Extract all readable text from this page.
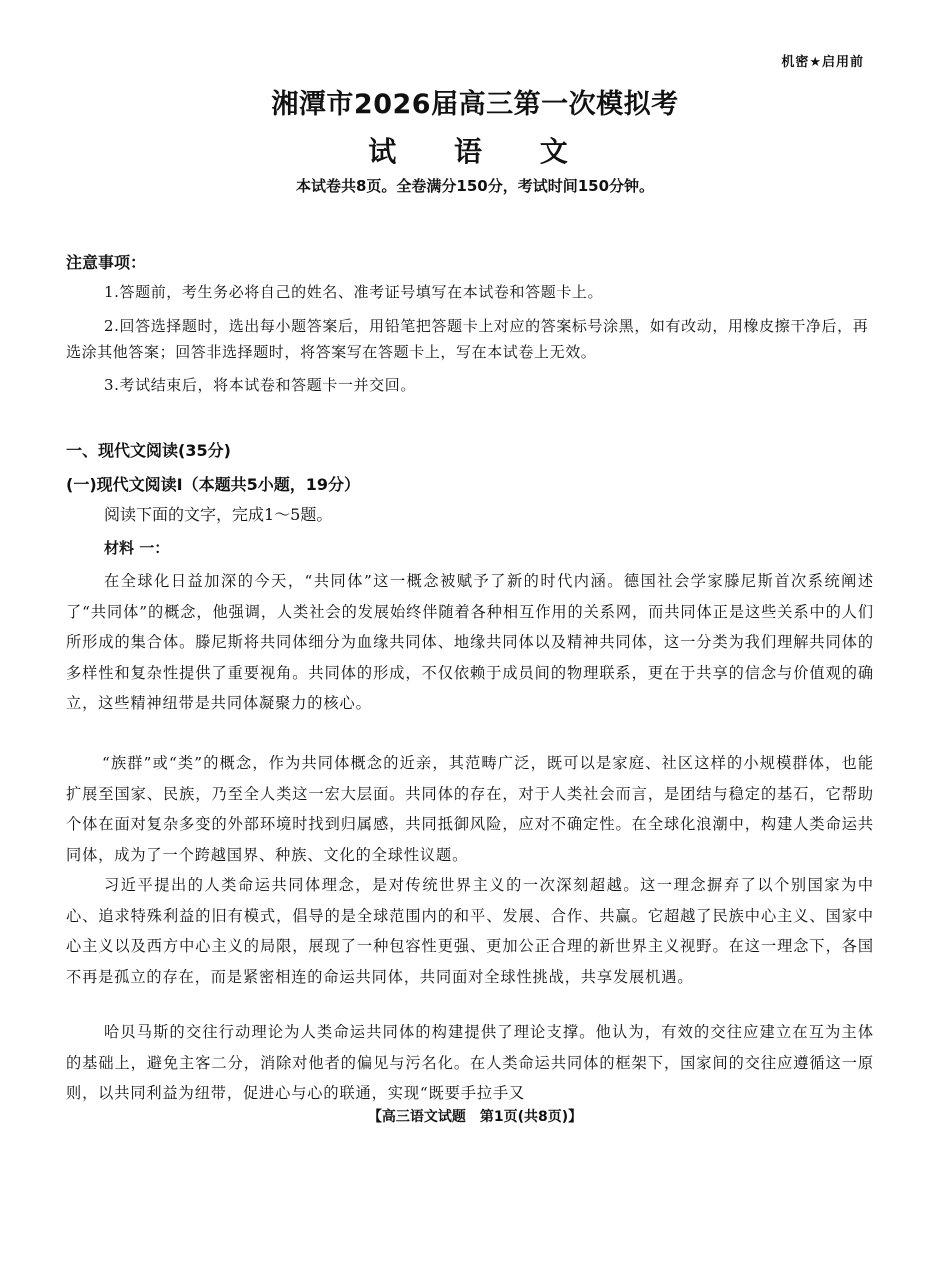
机密★启用前
湘潭市2026届高三第一次模拟考
试 语 文
本试卷共8页。全卷满分150分，考试时间150分钟。
注意事项：
1.答题前，考生务必将自己的姓名、准考证号填写在本试卷和答题卡上。
2.回答选择题时，选出每小题答案后，用铅笔把答题卡上对应的答案标号涂黑，如有改动，用橡皮擦干净后，再选涂其他答案；回答非选择题时，将答案写在答题卡上，写在本试卷上无效。
3.考试结束后，将本试卷和答题卡一并交回。
一、现代文阅读(35分)
(一)现代文阅读Ⅰ（本题共5小题，19分）
阅读下面的文字，完成1～5题。
材料 一：
在全球化日益加深的今天，“共同体”这一概念被赋予了新的时代内涵。德国社会学家滕尼斯首次系统阐述了“共同体”的概念，他强调，人类社会的发展始终伴随着各种相互作用的关系网，而共同体正是这些关系中的人们所形成的集合体。滕尼斯将共同体细分为血缘共同体、地缘共同体以及精神共同体，这一分类为我们理解共同体的多样性和复杂性提供了重要视角。共同体的形成，不仅依赖于成员间的物理联系，更在于共享的信念与价值观的确立，这些精神纽带是共同体凝聚力的核心。
“族群”或“类”的概念，作为共同体概念的近亲，其范畴广泛，既可以是家庭、社区这样的小规模群体，也能扩展至国家、民族，乃至全人类这一宏大层面。共同体的存在，对于人类社会而言，是团结与稳定的基石，它帮助个体在面对复杂多变的外部环境时找到归属感，共同抵御风险，应对不确定性。在全球化浪潮中，构建人类命运共同体，成为了一个跨越国界、种族、文化的全球性议题。
习近平提出的人类命运共同体理念，是对传统世界主义的一次深刻超越。这一理念摒弃了以个别国家为中心、追求特殊利益的旧有模式，倡导的是全球范围内的和平、发展、合作、共赢。它超越了民族中心主义、国家中心主义以及西方中心主义的局限，展现了一种包容性更强、更加公正合理的新世界主义视野。在这一理念下，各国不再是孤立的存在，而是紧密相连的命运共同体，共同面对全球性挑战，共享发展机遇。
哈贝马斯的交往行动理论为人类命运共同体的构建提供了理论支撑。他认为，有效的交往应建立在互为主体的基础上，避免主客二分，消除对他者的偏见与污名化。在人类命运共同体的框架下，国家间的交往应遵循这一原则，以共同利益为纽带，促进心与心的联通，实现“既要手拉手又
【高三语文试题　第1页(共8页)】
